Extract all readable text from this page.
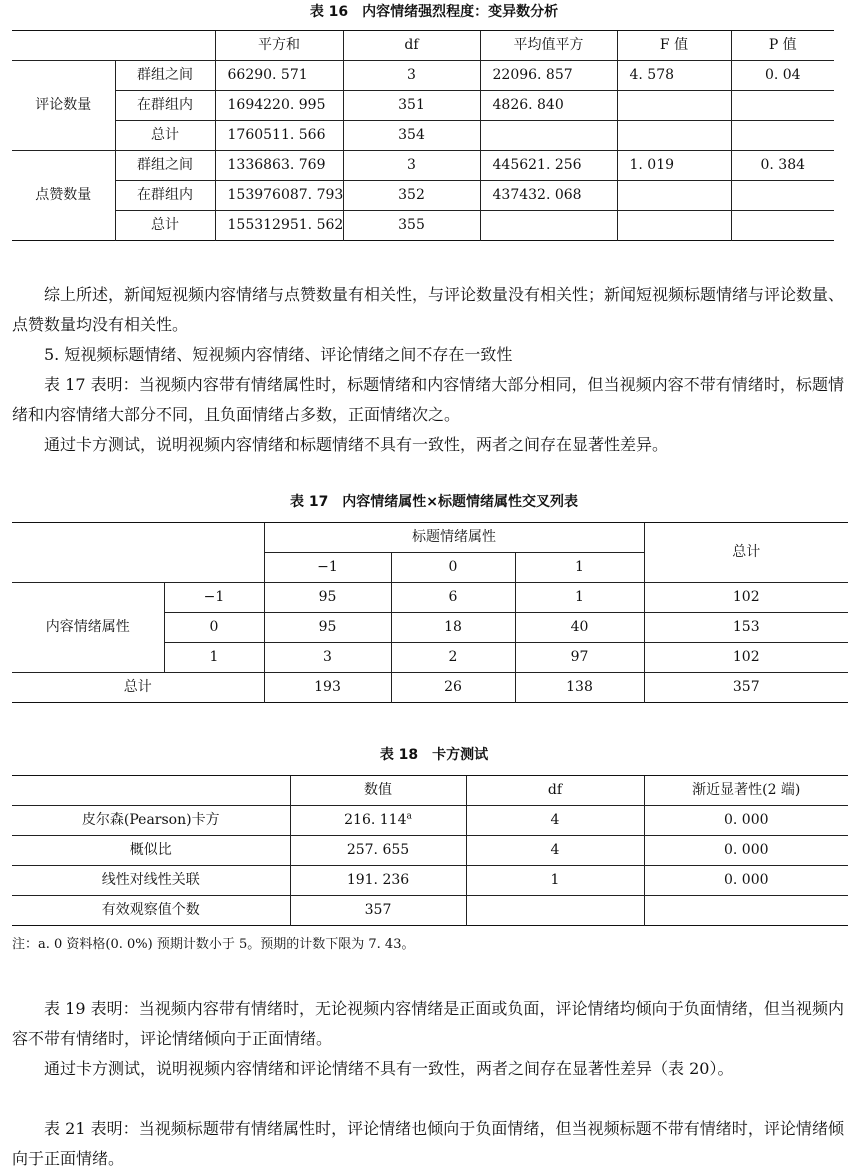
表 16　内容情绪强烈程度：变异数分析
		平方和	df	平均值平方	F 值	P 值
评论数量	群组之间	66290. 571	3	22096. 857	4. 578	0. 04
	在群组内	1694220. 995	351	4826. 840		
	总计	1760511. 566	354			
点赞数量	群组之间	1336863. 769	3	445621. 256	1. 019	0. 384
	在群组内	153976087. 793	352	437432. 068		
	总计	155312951. 562	355			

综上所述，新闻短视频内容情绪与点赞数量有相关性，与评论数量没有相关性；新闻短视频标题情绪与评论数量、点赞数量均没有相关性。

5. 短视频标题情绪、短视频内容情绪、评论情绪之间不存在一致性

表 17 表明：当视频内容带有情绪属性时，标题情绪和内容情绪大部分相同，但当视频内容不带有情绪时，标题情绪和内容情绪大部分不同，且负面情绪占多数，正面情绪次之。

通过卡方测试，说明视频内容情绪和标题情绪不具有一致性，两者之间存在显著性差异。

表 17　内容情绪属性×标题情绪属性交叉列表
		标题情绪属性			总计
		−1	0	1	
内容情绪属性	−1	95	6	1	102
	0	95	18	40	153
	1	3	2	97	102
总计		193	26	138	357
表 18　卡方测试
	数值	df	渐近显著性(2 端)
皮尔森(Pearson)卡方	216. 114$^a$	4	0. 000
概似比	257. 655	4	0. 000
线性对线性关联	191. 236	1	0. 000
有效观察值个数	357		

注：a. 0 资料格(0. 0%) 预期计数小于 5。预期的计数下限为 7. 43。

表 19 表明：当视频内容带有情绪时，无论视频内容情绪是正面或负面，评论情绪均倾向于负面情绪，但当视频内容不带有情绪时，评论情绪倾向于正面情绪。

通过卡方测试，说明视频内容情绪和评论情绪不具有一致性，两者之间存在显著性差异（表 20）。

表 21 表明：当视频标题带有情绪属性时，评论情绪也倾向于负面情绪，但当视频标题不带有情绪时，评论情绪倾向于正面情绪。
